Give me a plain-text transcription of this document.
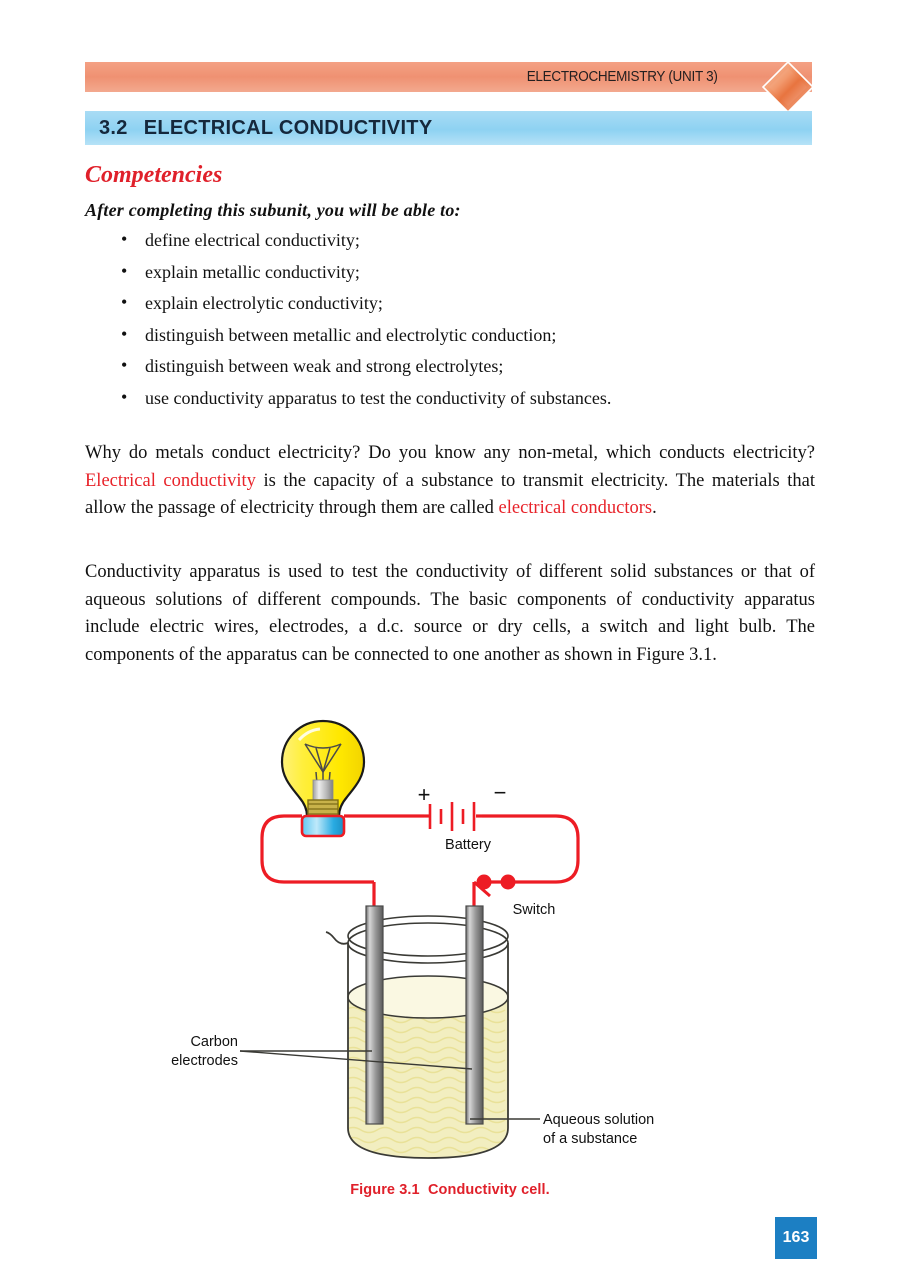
ELECTROCHEMISTRY (UNIT 3)
3.2 ELECTRICAL CONDUCTIVITY
Competencies
After completing this subunit, you will be able to:
• define electrical conductivity;
• explain metallic conductivity;
• explain electrolytic conductivity;
• distinguish between metallic and electrolytic conduction;
• distinguish between weak and strong electrolytes;
• use conductivity apparatus to test the conductivity of substances.
Why do metals conduct electricity? Do you know any non-metal, which conducts electricity? Electrical conductivity is the capacity of a substance to transmit electricity. The materials that allow the passage of electricity through them are called electrical conductors.
Conductivity apparatus is used to test the conductivity of different solid substances or that of aqueous solutions of different compounds. The basic components of conductivity apparatus include electric wires, electrodes, a d.c. source or dry cells, a switch and light bulb. The components of the apparatus can be connected to one another as shown in Figure 3.1.
+	−
Battery
Switch
Carbon
electrodes
Aqueous solution
of a substance
Figure 3.1 Conductivity cell.
163
